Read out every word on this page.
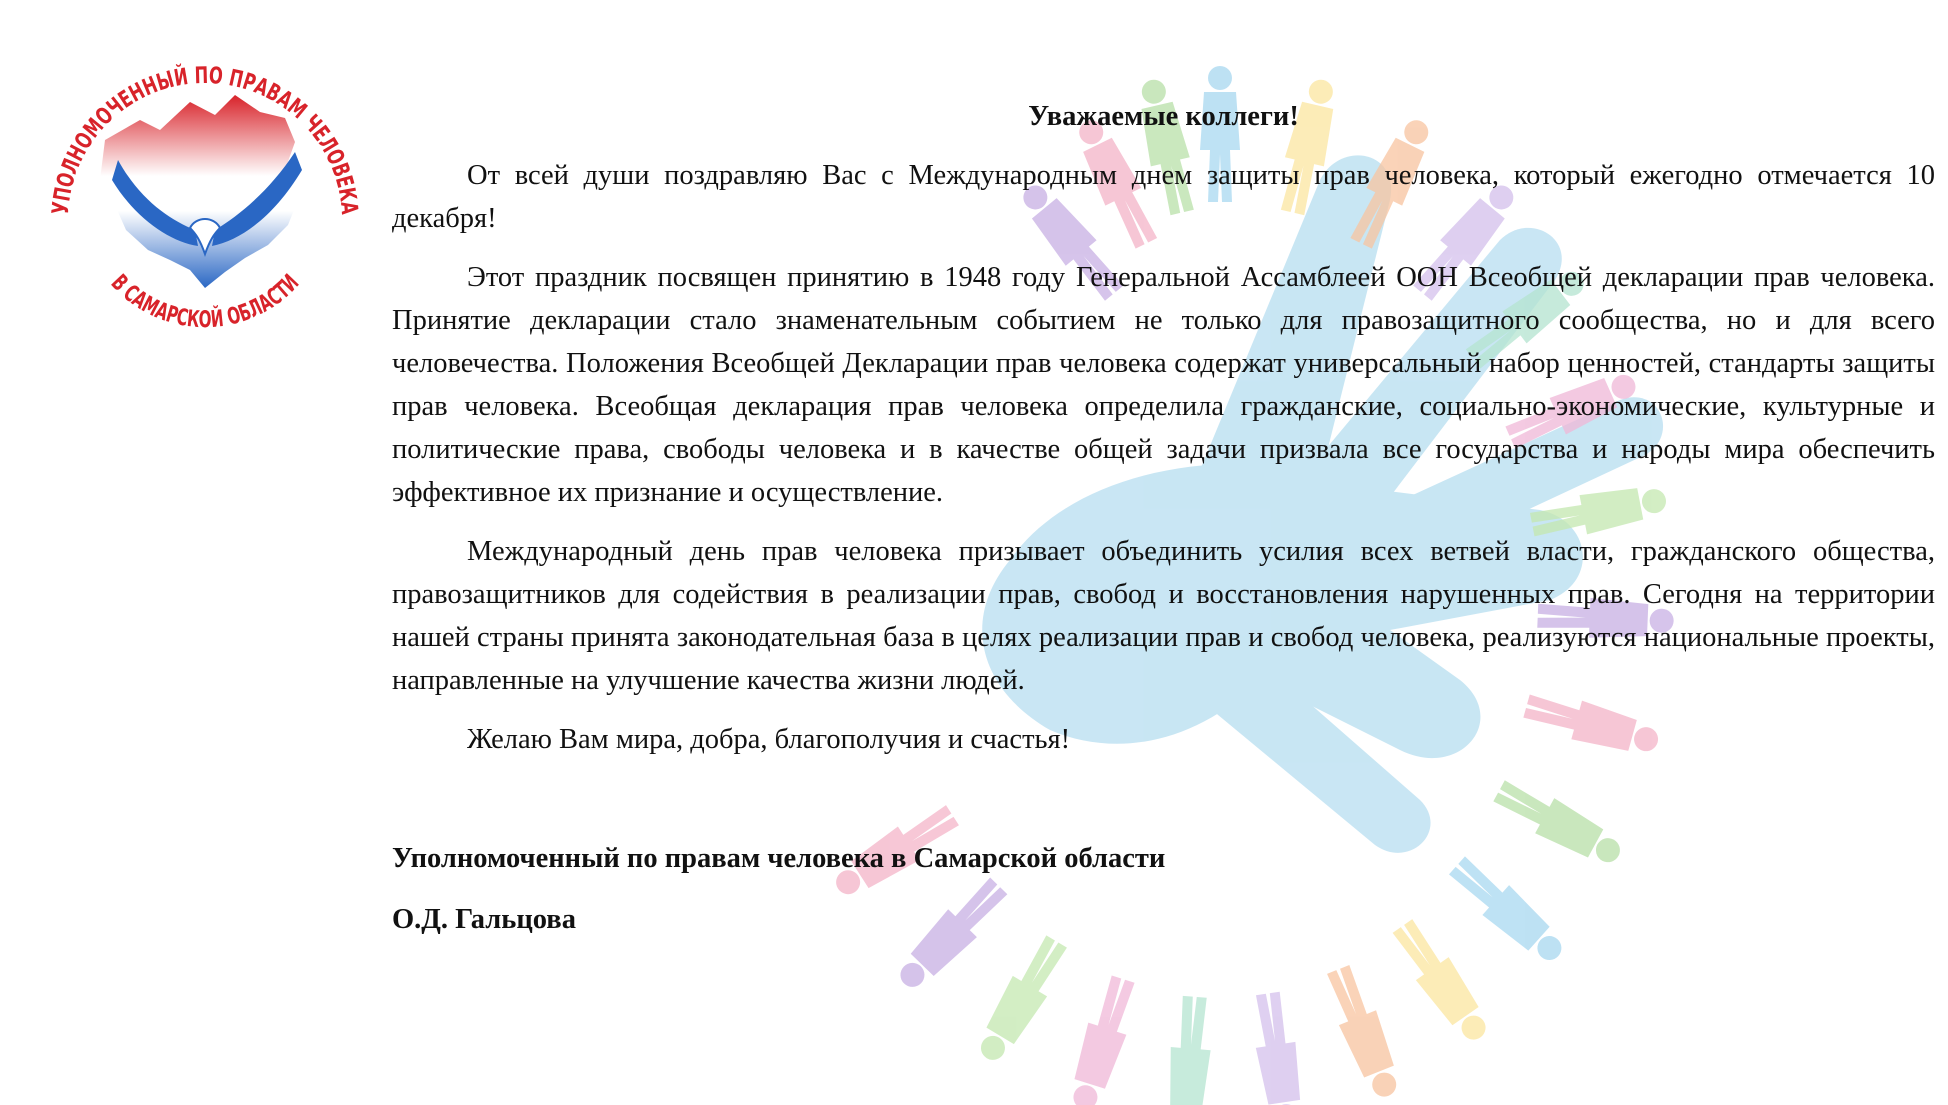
УПОЛНОМОЧЕННЫЙ ПО ПРАВАМ ЧЕЛОВЕКА
В САМАРСКОЙ ОБЛАСТИ

Уважаемые коллеги!

От всей души поздравляю Вас с Международным днем защиты прав человека, который ежегодно отмечается 10 декабря!

Этот праздник посвящен принятию в 1948 году Генеральной Ассамблеей ООН Всеобщей декларации прав человека. Принятие декларации стало знаменательным событием не только для правозащитного сообщества, но и для всего человечества. Положения Всеобщей Декларации прав человека содержат универсальный набор ценностей, стандарты защиты прав человека. Всеобщая декларация прав человека определила гражданские, социально-экономические, культурные и политические права, свободы человека и в качестве общей задачи призвала все государства и народы мира обеспечить эффективное их признание и осуществление.

Международный день прав человека призывает объединить усилия всех ветвей власти, гражданского общества, правозащитников для содействия в реализации прав, свобод и восстановления нарушенных прав. Сегодня на территории нашей страны принята законодательная база в целях реализации прав и свобод человека, реализуются национальные проекты, направленные на улучшение качества жизни людей.

Желаю Вам мира, добра, благополучия и счастья!

Уполномоченный по правам человека в Самарской области

О.Д. Гальцова
